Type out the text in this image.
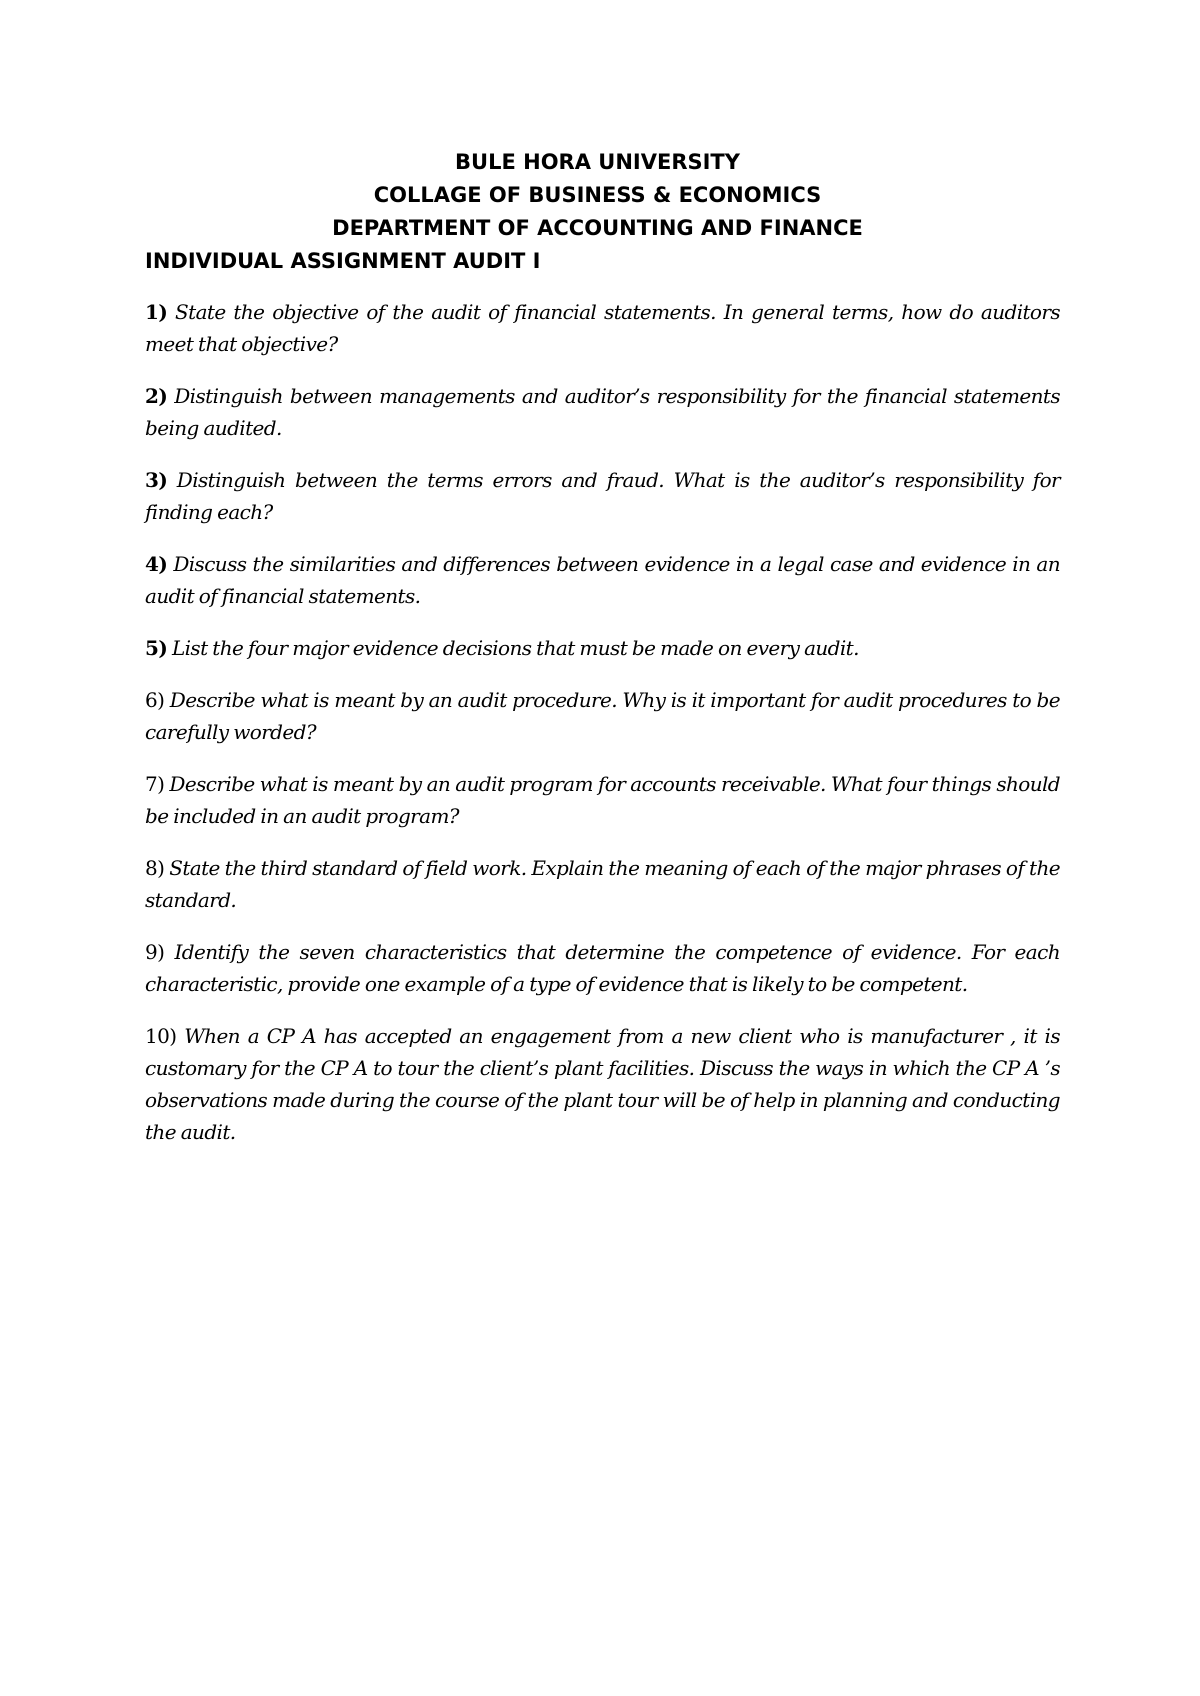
BULE HORA UNIVERSITY
COLLAGE OF BUSINESS & ECONOMICS
DEPARTMENT OF ACCOUNTING AND FINANCE
INDIVIDUAL ASSIGNMENT AUDIT I

1) State the objective of the audit of financial statements. In general terms, how do auditors meet that objective?

2) Distinguish between managements and auditor’s responsibility for the financial statements being audited.

3) Distinguish between the terms errors and fraud. What is the auditor’s responsibility for finding each?

4) Discuss the similarities and differences between evidence in a legal case and evidence in an audit of financial statements.

5) List the four major evidence decisions that must be made on every audit.

6) Describe what is meant by an audit procedure. Why is it important for audit procedures to be carefully worded?

7) Describe what is meant by an audit program for accounts receivable. What four things should be included in an audit program?

8) State the third standard of field work. Explain the meaning of each of the major phrases of the standard.

9) Identify the seven characteristics that determine the competence of evidence. For each characteristic, provide one example of a type of evidence that is likely to be competent.

10) When a CP A has accepted an engagement from a new client who is manufacturer , it is customary for the CP A to tour the client’s plant facilities. Discuss the ways in which the CP A ’s observations made during the course of the plant tour will be of help in planning and conducting the audit.
